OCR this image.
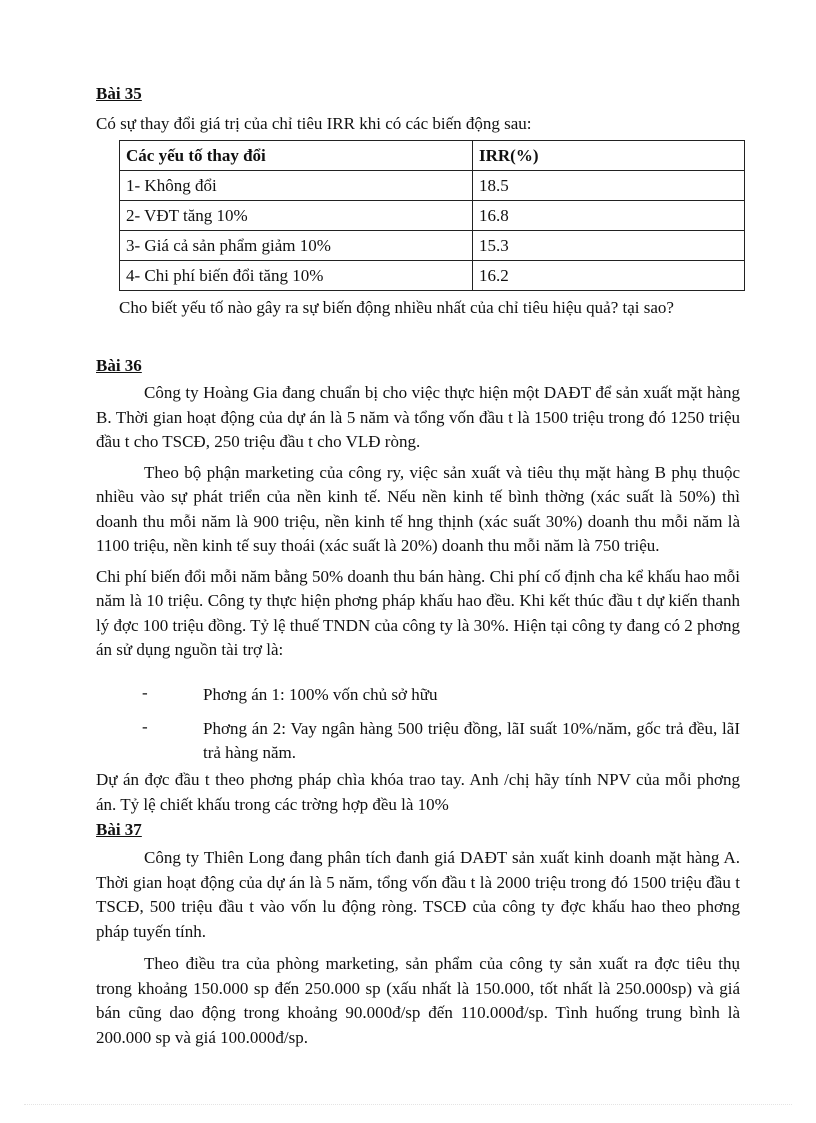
Bài 35
Có sự thay đổi giá trị của chỉ tiêu IRR khi có các biến động sau:
Các yếu tố thay đổi	IRR(%)
1- Không đổi	18.5
2- VĐT tăng 10%	16.8
3- Giá cả sản phẩm giảm 10%	15.3
4- Chi phí biến đổi tăng 10%	16.2
Cho biết yếu tố nào gây ra sự biến động nhiều nhất của chỉ tiêu hiệu quả? tại sao?
Bài 36

Công ty Hoàng Gia đang chuẩn bị cho việc thực hiện một DAĐT để sản xuất mặt hàng B. Thời gian hoạt động của dự án là 5 năm và tổng vốn đầu t là 1500 triệu trong đó 1250 triệu đầu t cho TSCĐ, 250 triệu đầu t cho VLĐ ròng.

Theo bộ phận marketing của công ry, việc sản xuất và tiêu thụ mặt hàng B phụ thuộc nhiều vào sự phát triển của nền kinh tế. Nếu nền kinh tế bình thờng (xác suất là 50%) thì doanh thu mỗi năm là 900 triệu, nền kinh tế hng thịnh (xác suất 30%) doanh thu mỗi năm là 1100 triệu, nền kinh tế suy thoái (xác suất là 20%) doanh thu mỗi năm là 750 triệu.

Chi phí biến đổi mỗi năm bằng 50% doanh thu bán hàng. Chi phí cố định cha kể khấu hao mỗi năm là 10 triệu. Công ty thực hiện phơng pháp khấu hao đều. Khi kết thúc đầu t dự kiến thanh lý đợc 100 triệu đồng. Tỷ lệ thuế TNDN của công ty là 30%. Hiện tại công ty đang có 2 phơng án sử dụng nguồn tài trợ là:

-	Phơng án 1: 100% vốn chủ sở hữu
-	Phơng án 2: Vay ngân hàng 500 triệu đồng, lãI suất 10%/năm, gốc trả đều, lãI trả hàng năm.

Dự án đợc đầu t theo phơng pháp chìa khóa trao tay. Anh /chị hãy tính NPV của mỗi phơng án. Tỷ lệ chiết khấu trong các trờng hợp đều là 10%

Bài 37

Công ty Thiên Long đang phân tích đanh giá DAĐT sản xuất kinh doanh mặt hàng A. Thời gian hoạt động của dự án là 5 năm, tổng vốn đầu t là 2000 triệu trong đó 1500 triệu đầu t TSCĐ, 500 triệu đầu t vào vốn lu động ròng. TSCĐ của công ty đợc khấu hao theo phơng pháp tuyến tính.

Theo điều tra của phòng marketing, sản phẩm của công ty sản xuất ra đợc tiêu thụ trong khoảng 150.000 sp đến 250.000 sp (xấu nhất là 150.000, tốt nhất là 250.000sp) và giá bán cũng dao động trong khoảng 90.000đ/sp đến 110.000đ/sp. Tình huống trung bình là 200.000 sp và giá 100.000đ/sp.
